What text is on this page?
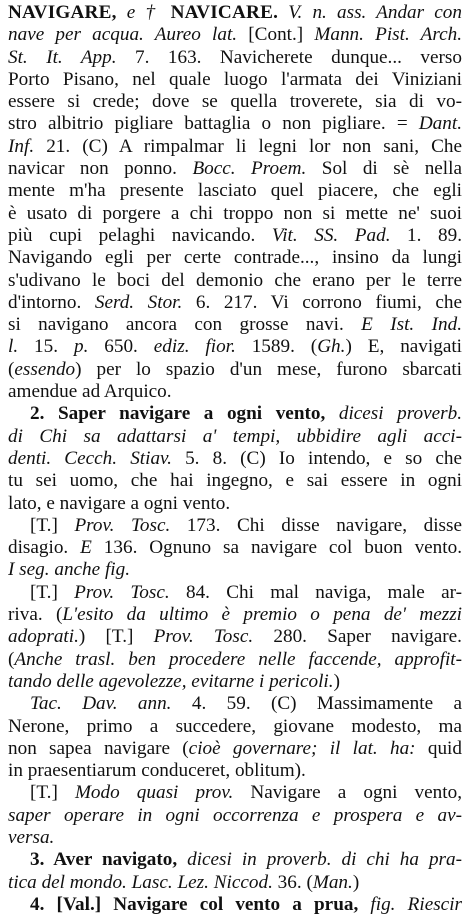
NAVIGARE, e † NAVICARE. V. n. ass. Andar con
nave per acqua. Aureo lat. [Cont.] Mann. Pist. Arch.
St. It. App. 7. 163. Navicherete dunque... verso
Porto Pisano, nel quale luogo l'armata dei Viniziani
essere si crede; dove se quella troverete, sia di vo-
stro albitrio pigliare battaglia o non pigliare. = Dant.
Inf. 21. (C) A rimpalmar li legni lor non sani, Che
navicar non ponno. Bocc. Proem. Sol di sè nella
mente m'ha presente lasciato quel piacere, che egli
è usato di porgere a chi troppo non si mette ne' suoi
più cupi pelaghi navicando. Vit. SS. Pad. 1. 89.
Navigando egli per certe contrade..., insino da lungi
s'udivano le boci del demonio che erano per le terre
d'intorno. Serd. Stor. 6. 217. Vi corrono fiumi, che
si navigano ancora con grosse navi. E Ist. Ind.
l. 15. p. 650. ediz. fior. 1589. (Gh.) E, navigati
(essendo) per lo spazio d'un mese, furono sbarcati
amendue ad Arquico.
2. Saper navigare a ogni vento, dicesi proverb.
di Chi sa adattarsi a' tempi, ubbidire agli acci-
denti. Cecch. Stiav. 5. 8. (C) Io intendo, e so che
tu sei uomo, che hai ingegno, e sai essere in ogni
lato, e navigare a ogni vento.
[T.] Prov. Tosc. 173. Chi disse navigare, disse
disagio. E 136. Ognuno sa navigare col buon vento.
I seg. anche fig.
[T.] Prov. Tosc. 84. Chi mal naviga, male ar-
riva. (L'esito da ultimo è premio o pena de' mezzi
adoprati.) [T.] Prov. Tosc. 280. Saper navigare.
(Anche trasl. ben procedere nelle faccende, approfit-
tando delle agevolezze, evitarne i pericoli.)
Tac. Dav. ann. 4. 59. (C) Massimamente a
Nerone, primo a succedere, giovane modesto, ma
non sapea navigare (cioè governare; il lat. ha: quid
in praesentiarum conduceret, oblitum).
[T.] Modo quasi prov. Navigare a ogni vento,
saper operare in ogni occorrenza e prospera e av-
versa.
3. Aver navigato, dicesi in proverb. di chi ha pra-
tica del mondo. Lasc. Lez. Niccod. 36. (Man.)
4. [Val.] Navigare col vento a prua, fig. Riescir
